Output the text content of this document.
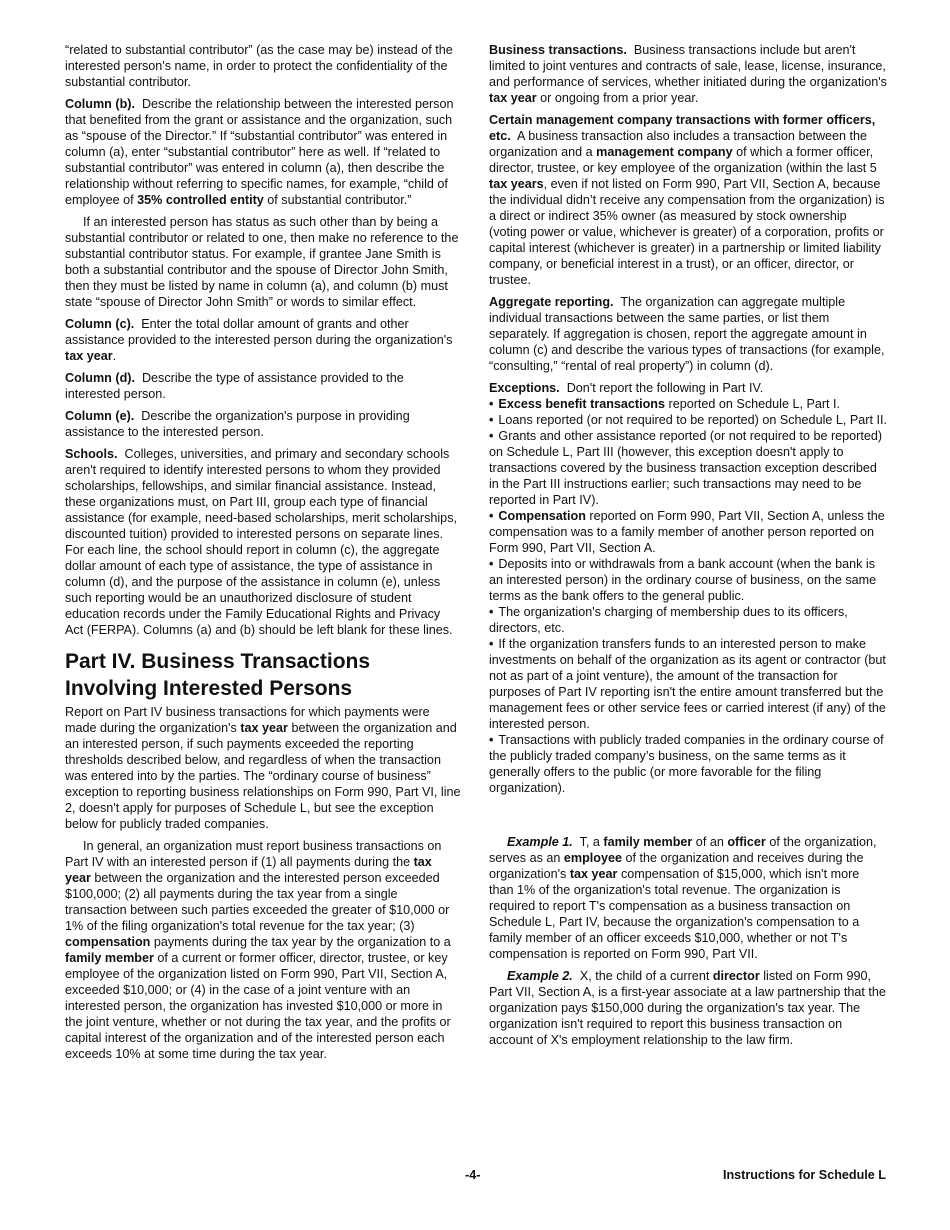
“related to substantial contributor” (as the case may be) instead of the interested person's name, in order to protect the confidentiality of the substantial contributor.

Column (b). Describe the relationship between the interested person that benefited from the grant or assistance and the organization, such as “spouse of the Director.” If “substantial contributor” was entered in column (a), enter “substantial contributor” here as well. If “related to substantial contributor” was entered in column (a), then describe the relationship without referring to specific names, for example, “child of employee of 35% controlled entity of substantial contributor.”

If an interested person has status as such other than by being a substantial contributor or related to one, then make no reference to the substantial contributor status. For example, if grantee Jane Smith is both a substantial contributor and the spouse of Director John Smith, then they must be listed by name in column (a), and column (b) must state “spouse of Director John Smith” or words to similar effect.

Column (c). Enter the total dollar amount of grants and other assistance provided to the interested person during the organization's tax year.

Column (d). Describe the type of assistance provided to the interested person.

Column (e). Describe the organization's purpose in providing assistance to the interested person.

Schools. Colleges, universities, and primary and secondary schools aren't required to identify interested persons to whom they provided scholarships, fellowships, and similar financial assistance. Instead, these organizations must, on Part III, group each type of financial assistance (for example, need-based scholarships, merit scholarships, discounted tuition) provided to interested persons on separate lines. For each line, the school should report in column (c), the aggregate dollar amount of each type of assistance, the type of assistance in column (d), and the purpose of the assistance in column (e), unless such reporting would be an unauthorized disclosure of student education records under the Family Educational Rights and Privacy Act (FERPA). Columns (a) and (b) should be left blank for these lines.

Part IV. Business Transactions Involving Interested Persons

Report on Part IV business transactions for which payments were made during the organization's tax year between the organization and an interested person, if such payments exceeded the reporting thresholds described below, and regardless of when the transaction was entered into by the parties. The “ordinary course of business” exception to reporting business relationships on Form 990, Part VI, line 2, doesn't apply for purposes of Schedule L, but see the exception below for publicly traded companies.

In general, an organization must report business transactions on Part IV with an interested person if (1) all payments during the tax year between the organization and the interested person exceeded $100,000; (2) all payments during the tax year from a single transaction between such parties exceeded the greater of $10,000 or 1% of the filing organization's total revenue for the tax year; (3) compensation payments during the tax year by the organization to a family member of a current or former officer, director, trustee, or key employee of the organization listed on Form 990, Part VII, Section A, exceeded $10,000; or (4) in the case of a joint venture with an interested person, the organization has invested $10,000 or more in the joint venture, whether or not during the tax year, and the profits or capital interest of the organization and of the interested person each exceeds 10% at some time during the tax year.

Business transactions. Business transactions include but aren't limited to joint ventures and contracts of sale, lease, license, insurance, and performance of services, whether initiated during the organization's tax year or ongoing from a prior year.

Certain management company transactions with former officers, etc. A business transaction also includes a transaction between the organization and a management company of which a former officer, director, trustee, or key employee of the organization (within the last 5 tax years, even if not listed on Form 990, Part VII, Section A, because the individual didn’t receive any compensation from the organization) is a direct or indirect 35% owner (as measured by stock ownership (voting power or value, whichever is greater) of a corporation, profits or capital interest (whichever is greater) in a partnership or limited liability company, or beneficial interest in a trust), or an officer, director, or trustee.

Aggregate reporting. The organization can aggregate multiple individual transactions between the same parties, or list them separately. If aggregation is chosen, report the aggregate amount in column (c) and describe the various types of transactions (for example, “consulting,” “rental of real property”) in column (d).

Exceptions. Don't report the following in Part IV.

• Excess benefit transactions reported on Schedule L, Part I.

• Loans reported (or not required to be reported) on Schedule L, Part II.

• Grants and other assistance reported (or not required to be reported) on Schedule L, Part III (however, this exception doesn't apply to transactions covered by the business transaction exception described in the Part III instructions earlier; such transactions may need to be reported in Part IV).

• Compensation reported on Form 990, Part VII, Section A, unless the compensation was to a family member of another person reported on Form 990, Part VII, Section A.

• Deposits into or withdrawals from a bank account (when the bank is an interested person) in the ordinary course of business, on the same terms as the bank offers to the general public.

• The organization's charging of membership dues to its officers, directors, etc.

• If the organization transfers funds to an interested person to make investments on behalf of the organization as its agent or contractor (but not as part of a joint venture), the amount of the transaction for purposes of Part IV reporting isn't the entire amount transferred but the management fees or other service fees or carried interest (if any) of the interested person.

• Transactions with publicly traded companies in the ordinary course of the publicly traded company’s business, on the same terms as it generally offers to the public (or more favorable for the filing organization).

Example 1. T, a family member of an officer of the organization, serves as an employee of the organization and receives during the organization's tax year compensation of $15,000, which isn't more than 1% of the organization's total revenue. The organization is required to report T's compensation as a business transaction on Schedule L, Part IV, because the organization's compensation to a family member of an officer exceeds $10,000, whether or not T's compensation is reported on Form 990, Part VII.

Example 2. X, the child of a current director listed on Form 990, Part VII, Section A, is a first-year associate at a law partnership that the organization pays $150,000 during the organization's tax year. The organization isn't required to report this business transaction on account of X's employment relationship to the law firm.

-4-	Instructions for Schedule L
